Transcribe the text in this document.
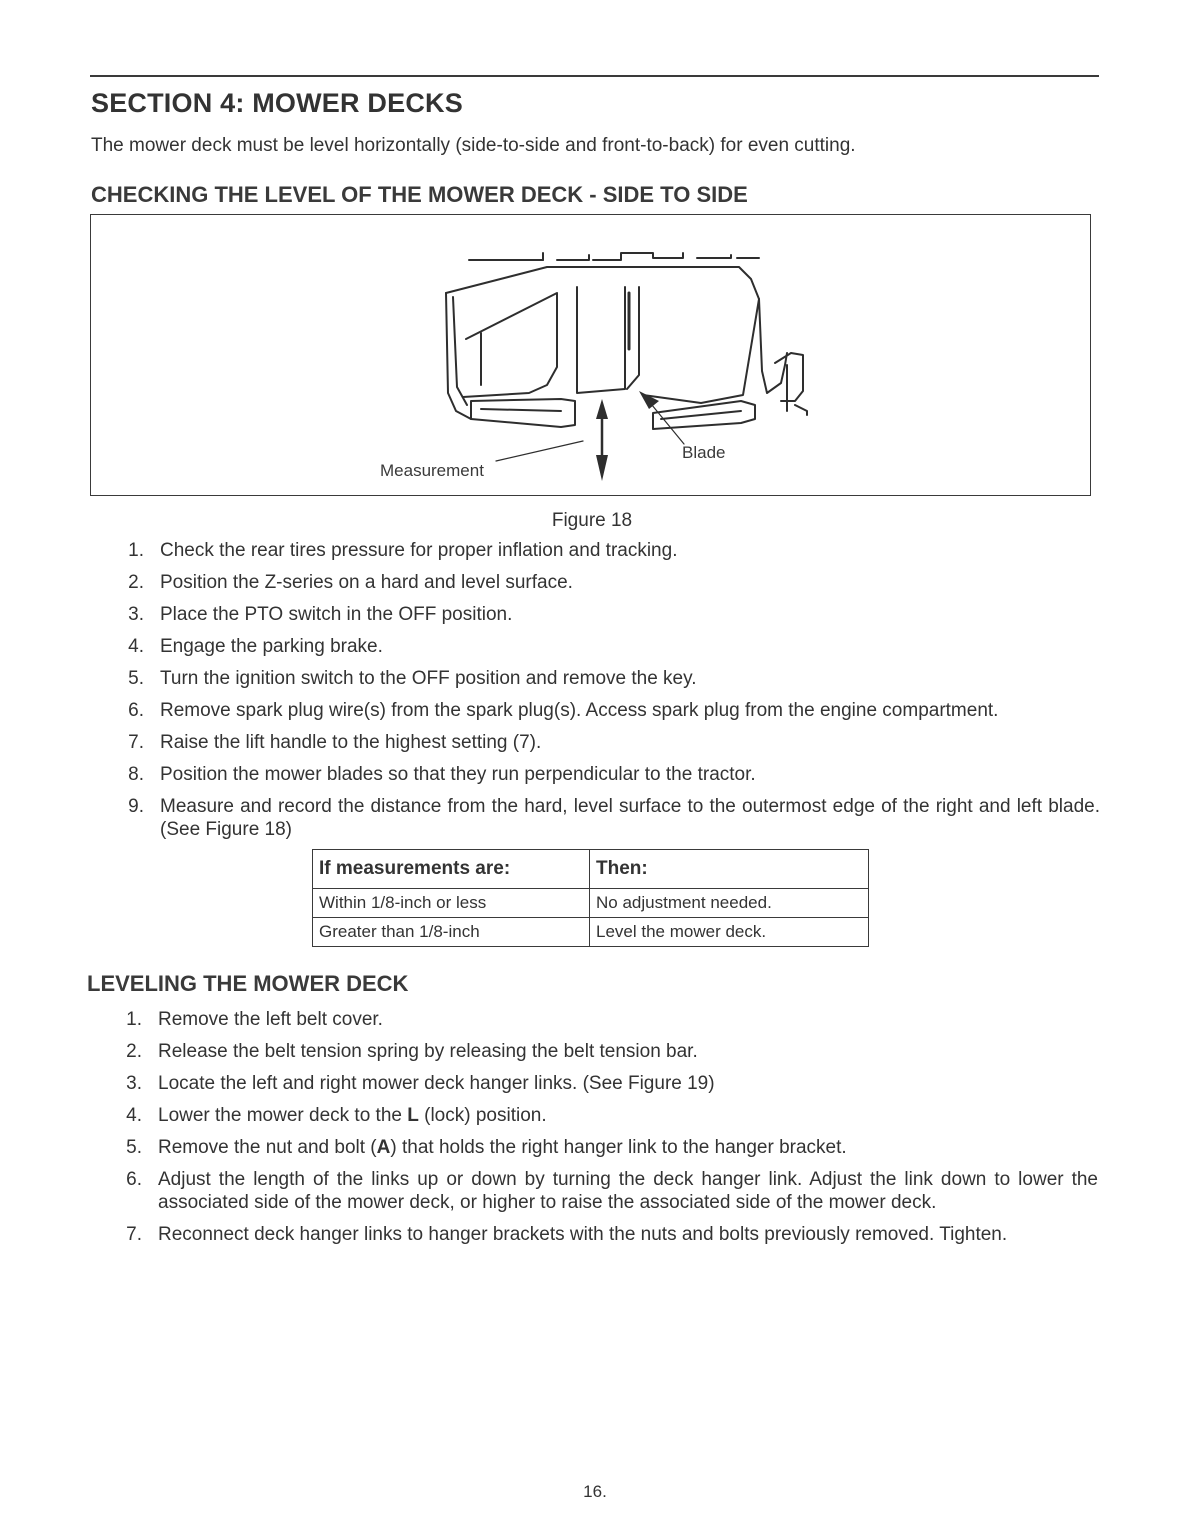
SECTION 4: MOWER DECKS

The mower deck must be level horizontally (side-to-side and front-to-back) for even cutting.

CHECKING THE LEVEL OF THE MOWER DECK - SIDE TO SIDE
Measurement
Blade
Figure 18
1. Check the rear tires pressure for proper inflation and tracking.
2. Position the Z-series on a hard and level surface.
3. Place the PTO switch in the OFF position.
4. Engage the parking brake.
5. Turn the ignition switch to the OFF position and remove the key.
6. Remove spark plug wire(s) from the spark plug(s). Access spark plug from the engine compartment.
7. Raise the lift handle to the highest setting (7).
8. Position the mower blades so that they run perpendicular to the tractor.
9. Measure and record the distance from the hard, level surface to the outermost edge of the right and left blade. (See Figure 18)
If measurements are:	Then:
Within 1/8-inch or less	No adjustment needed.
Greater than 1/8-inch	Level the mower deck.
LEVELING THE MOWER DECK
1. Remove the left belt cover.
2. Release the belt tension spring by releasing the belt tension bar.
3. Locate the left and right mower deck hanger links. (See Figure 19)
4. Lower the mower deck to the L (lock) position.
5. Remove the nut and bolt (A) that holds the right hanger link to the hanger bracket.
6. Adjust the length of the links up or down by turning the deck hanger link. Adjust the link down to lower the associated side of the mower deck, or higher to raise the associated side of the mower deck.
7. Reconnect deck hanger links to hanger brackets with the nuts and bolts previously removed. Tighten.
16.
